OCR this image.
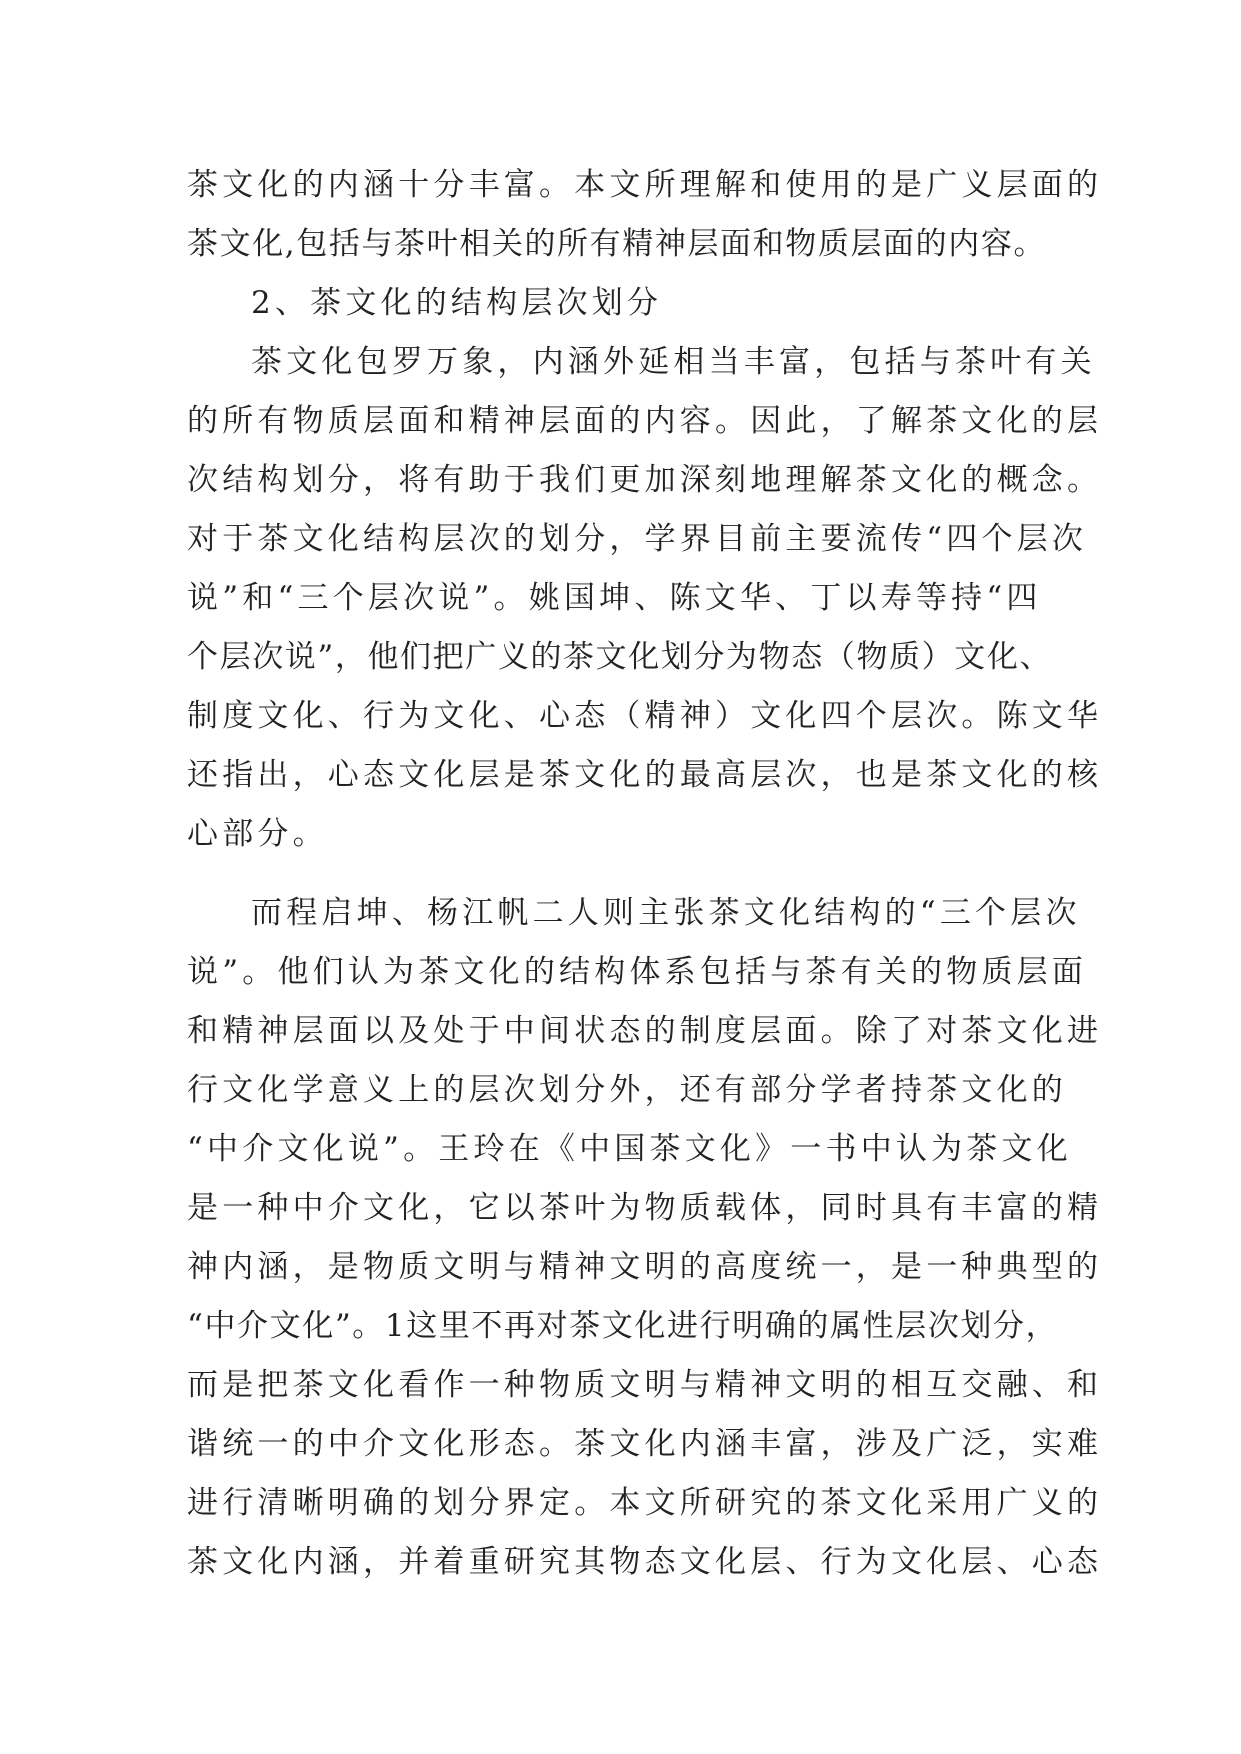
茶文化的内涵十分丰富。本文所理解和使用的是广义层面的
茶文化,包括与茶叶相关的所有精神层面和物质层面的内容。
2、茶文化的结构层次划分
茶文化包罗万象，内涵外延相当丰富，包括与茶叶有关
的所有物质层面和精神层面的内容。因此，了解茶文化的层
次结构划分，将有助于我们更加深刻地理解茶文化的概念。
对于茶文化结构层次的划分，学界目前主要流传“四个层次
说”和“三个层次说”。姚国坤、陈文华、丁以寿等持“四
个层次说”，他们把广义的茶文化划分为物态（物质）文化、
制度文化、行为文化、心态（精神）文化四个层次。陈文华
还指出，心态文化层是茶文化的最高层次，也是茶文化的核
心部分。
而程启坤、杨江帆二人则主张茶文化结构的“三个层次
说”。他们认为茶文化的结构体系包括与茶有关的物质层面
和精神层面以及处于中间状态的制度层面。除了对茶文化进
行文化学意义上的层次划分外，还有部分学者持茶文化的
“中介文化说”。王玲在《中国茶文化》一书中认为茶文化
是一种中介文化，它以茶叶为物质载体，同时具有丰富的精
神内涵，是物质文明与精神文明的高度统一，是一种典型的
“中介文化”。1这里不再对茶文化进行明确的属性层次划分，
而是把茶文化看作一种物质文明与精神文明的相互交融、和
谐统一的中介文化形态。茶文化内涵丰富，涉及广泛，实难
进行清晰明确的划分界定。本文所研究的茶文化采用广义的
茶文化内涵，并着重研究其物态文化层、行为文化层、心态
